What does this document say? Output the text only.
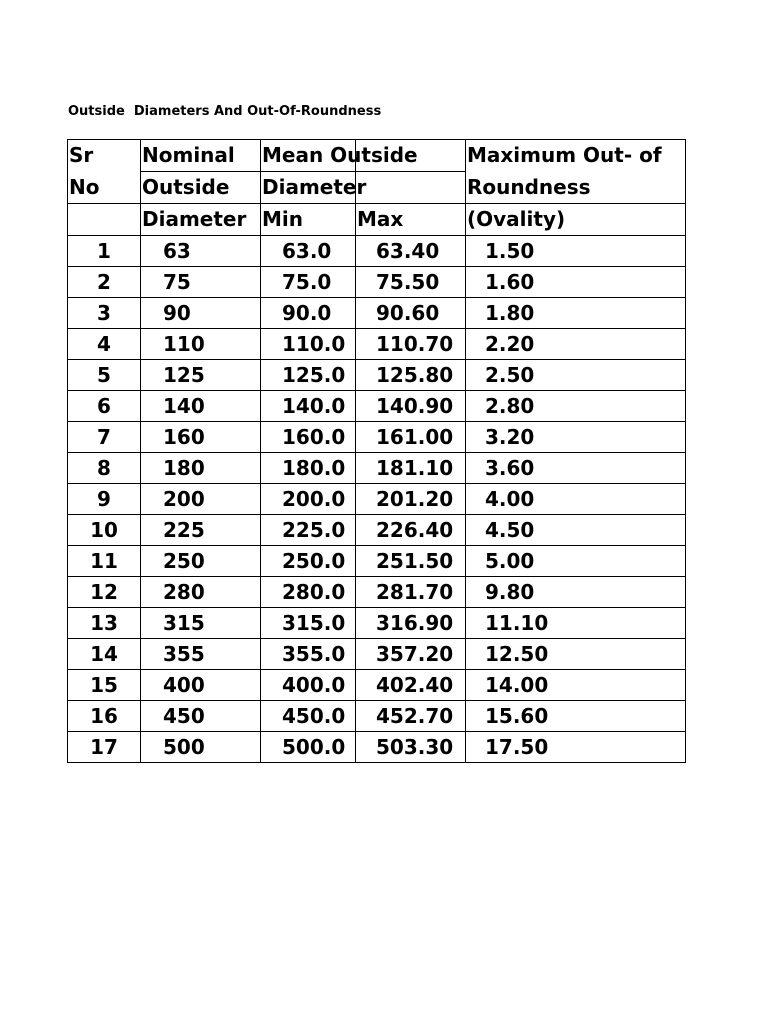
Outside  Diameters And Out-Of-Roundness
Sr	Nominal	Mean Outside		Maximum Out- of
No	Outside	Diameter		Roundness
	Diameter	Min	Max	(Ovality)
1	63	63.0	63.40	1.50
2	75	75.0	75.50	1.60
3	90	90.0	90.60	1.80
4	110	110.0	110.70	2.20
5	125	125.0	125.80	2.50
6	140	140.0	140.90	2.80
7	160	160.0	161.00	3.20
8	180	180.0	181.10	3.60
9	200	200.0	201.20	4.00
10	225	225.0	226.40	4.50
11	250	250.0	251.50	5.00
12	280	280.0	281.70	9.80
13	315	315.0	316.90	11.10
14	355	355.0	357.20	12.50
15	400	400.0	402.40	14.00
16	450	450.0	452.70	15.60
17	500	500.0	503.30	17.50
